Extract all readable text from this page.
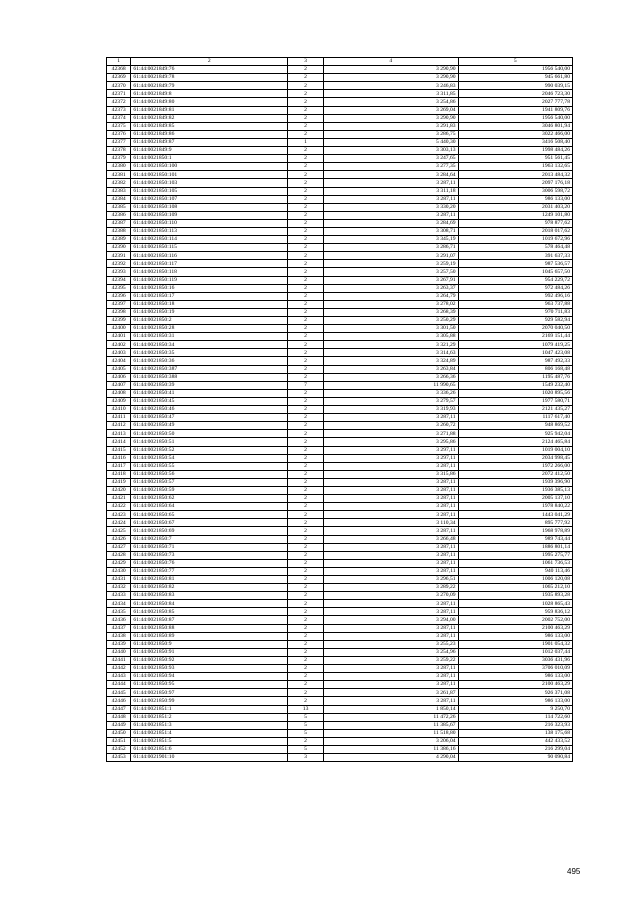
1	2	3	4	5
42368	61:44:0021849:76	2	3 290,90	1956 540,00
42369	61:44:0021849:78	2	3 290,90	945 661,80
42370	61:44:0021849:79	2	3 246,83	990 039,15
42371	61:44:0021849:8	2	3 311,85	2046 723,30
42372	61:44:0021849:80	2	3 254,86	2027 777,78
42373	61:44:0021849:81	2	3 269,04	1941 809,76
42374	61:44:0021849:82	2	3 290,90	1956 540,00
42375	61:44:0021849:85	2	3 291,83	3046 801,94
42376	61:44:0021849:86	2	3 286,75	3022 466,00
42377	61:44:0021849:87	1	5 440,30	3416 508,40
42378	61:44:0021849:9	2	3 303,13	1998 484,26
42379	61:44:0021850:1	2	3 247,65	951 561,45
42380	61:44:0021850:100	2	3 277,35	1963 132,65
42381	61:44:0021850:101	2	3 284,64	2013 484,32
42382	61:44:0021850:103	2	3 287,11	2097 176,18
42383	61:44:0021850:105	2	3 311,18	3006 598,72
42384	61:44:0021850:107	2	3 287,11	986 133,00
42385	61:44:0021850:108	2	3 330,20	2031 403,20
42386	61:44:0021850:109	2	3 287,11	1249 101,80
42387	61:44:0021850:110	2	3 284,69	978 877,62
42388	61:44:0021850:113	2	3 308,71	2018 017,62
42389	61:44:0021850:114	2	3 345,19	1019 672,96
42390	61:44:0021850:115	2	3 286,71	578 464,48
42391	61:44:0021850:116	2	3 291,07	391 637,33
42392	61:44:0021850:117	2	3 259,19	987 536,57
42393	61:44:0021850:118	2	3 257,50	1045 657,50
42394	61:44:0021850:119	2	3 267,91	954 229,72
42395	61:44:0021850:16	2	3 263,37	972 484,26
42396	61:44:0021850:17	2	3 264,79	992 496,16
42397	61:44:0021850:18	2	3 278,02	963 737,88
42398	61:44:0021850:19	2	3 268,39	970 711,83
42399	61:44:0021850:2	2	3 250,29	929 582,94
42400	61:44:0021850:28	2	3 301,50	2070 040,50
42401	61:44:0021850:31	2	3 305,88	2169 151,44
42402	61:44:0021850:34	2	3 321,29	1079 419,25
42403	61:44:0021850:35	2	3 314,63	1047 423,08
42404	61:44:0021850:36	2	3 324,89	987 492,33
42405	61:44:0021850:387	2	3 263,84	806 168,48
42406	61:44:0021850:388	2	3 266,36	1195 487,76
42407	61:44:0021850:39	7	11 990,65	1549 232,40
42408	61:44:0021850:41	2	3 336,26	1020 895,56
42409	61:44:0021850:45	2	3 279,57	1977 580,71
42410	61:44:0021850:46	2	3 319,93	2121 435,27
42411	61:44:0021850:47	2	3 287,11	1117 617,40
42412	61:44:0021850:49	2	3 260,72	948 869,52
42413	61:44:0021850:50	2	3 271,88	925 942,04
42414	61:44:0021850:51	2	3 295,86	2124 465,84
42415	61:44:0021850:52	2	3 297,11	1019 004,10
42416	61:44:0021850:54	2	3 297,11	2034 998,45
42417	61:44:0021850:55	2	3 287,11	1972 266,00
42418	61:44:0021850:56	2	3 315,86	2072 412,50
42419	61:44:0021850:57	2	3 287,11	1939 396,90
42420	61:44:0021850:59	2	3 287,11	1936 385,13
42421	61:44:0021850:62	2	3 287,11	2005 137,10
42422	61:44:0021850:64	2	3 287,11	1978 840,22
42423	61:44:0021850:65	2	3 287,11	1443 041,29
42424	61:44:0021850:67	2	3 110,34	895 777,92
42425	61:44:0021850:69	2	3 287,11	1968 978,89
42426	61:44:0021850:7	2	3 266,48	989 743,44
42427	61:44:0021850:71	2	3 287,11	1886 801,14
42428	61:44:0021850:73	2	3 287,11	1995 275,77
42429	61:44:0021850:76	2	3 287,11	1061 736,53
42430	61:44:0021850:77	2	3 287,11	940 113,46
42431	61:44:0021850:81	2	3 296,51	1006 120,08
42432	61:44:0021850:82	2	3 289,22	1065 212,10
42433	61:44:0021850:83	2	3 270,09	1935 893,28
42434	61:44:0021850:84	2	3 287,11	1028 865,43
42435	61:44:0021850:85	2	3 287,11	959 836,12
42436	61:44:0021850:87	2	3 294,00	2002 752,00
42437	61:44:0021850:88	2	3 287,11	2100 463,29
42438	61:44:0021850:89	2	3 287,11	986 133,00
42439	61:44:0021850:9	2	3 255,23	1901 054,32
42440	61:44:0021850:91	2	3 254,96	1012 037,44
42441	61:44:0021850:92	2	3 259,22	3036 431,96
42442	61:44:0021850:93	2	3 287,11	3706 010,09
42443	61:44:0021850:94	2	3 287,11	986 133,00
42444	61:44:0021850:95	2	3 287,11	2100 463,29
42445	61:44:0021850:97	2	3 261,87	926 371,08
42446	61:44:0021850:99	2	3 287,11	986 133,00
42447	61:44:0021851:1	13	1 850,14	9 250,70
42448	61:44:0021851:2	5	11 472,26	114 722,60
42449	61:44:0021851:3	5	11 385,67	216 323,93
42450	61:44:0021851:4	5	11 518,80	138 175,68
42451	61:44:0021851:5	2	3 206,04	442 433,52
42452	61:44:0021851:6	5	11 386,16	216 299,04
42453	61:44:0021901:10	3	4 290,04	90 090,84
495
